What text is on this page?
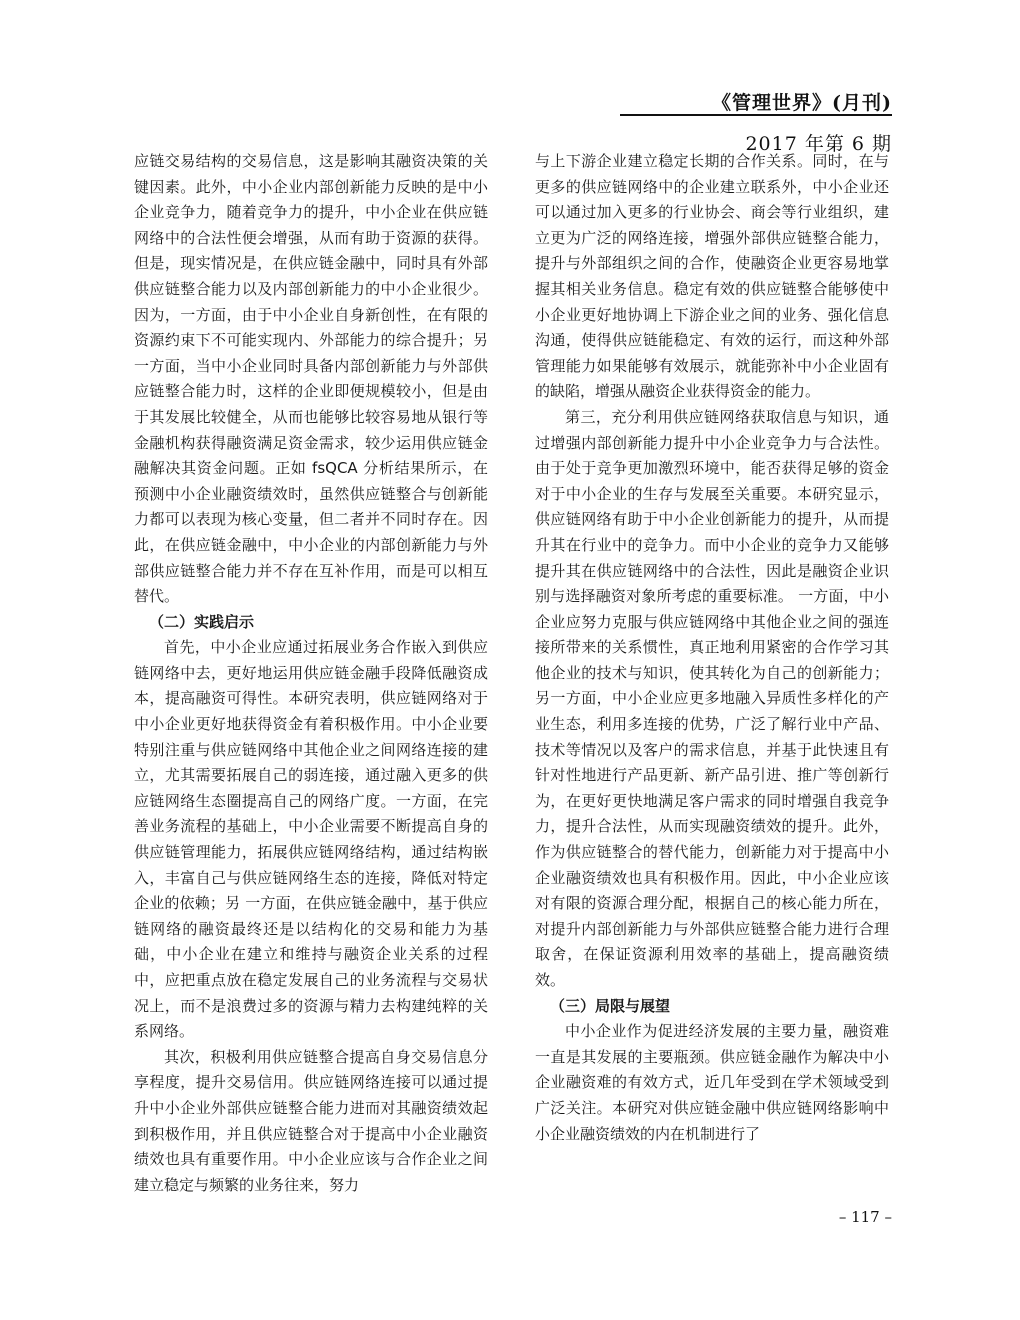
《管理世界》(月刊)
2017 年第 6 期

应链交易结构的交易信息，这是影响其融资决策的关键因素。此外，中小企业内部创新能力反映的是中小企业竞争力，随着竞争力的提升，中小企业在供应链网络中的合法性便会增强，从而有助于资源的获得。但是，现实情况是，在供应链金融中，同时具有外部供应链整合能力以及内部创新能力的中小企业很少。因为，一方面，由于中小企业自身新创性，在有限的资源约束下不可能实现内、外部能力的综合提升；另一方面，当中小企业同时具备内部创新能力与外部供应链整合能力时，这样的企业即便规模较小，但是由于其发展比较健全，从而也能够比较容易地从银行等金融机构获得融资满足资金需求，较少运用供应链金融解决其资金问题。正如 fsQCA 分析结果所示，在预测中小企业融资绩效时，虽然供应链整合与创新能力都可以表现为核心变量，但二者并不同时存在。因此，在供应链金融中，中小企业的内部创新能力与外部供应链整合能力并不存在互补作用，而是可以相互替代。

（二）实践启示

首先，中小企业应通过拓展业务合作嵌入到供应链网络中去，更好地运用供应链金融手段降低融资成本，提高融资可得性。本研究表明，供应链网络对于中小企业更好地获得资金有着积极作用。中小企业要特别注重与供应链网络中其他企业之间网络连接的建立，尤其需要拓展自己的弱连接，通过融入更多的供应链网络生态圈提高自己的网络广度。一方面，在完善业务流程的基础上，中小企业需要不断提高自身的供应链管理能力，拓展供应链网络结构，通过结构嵌入，丰富自己与供应链网络生态的连接，降低对特定企业的依赖；另 一方面，在供应链金融中，基于供应链网络的融资最终还是以结构化的交易和能力为基础，中小企业在建立和维持与融资企业关系的过程中，应把重点放在稳定发展自己的业务流程与交易状况上，而不是浪费过多的资源与精力去构建纯粹的关系网络。

其次，积极利用供应链整合提高自身交易信息分享程度，提升交易信用。供应链网络连接可以通过提升中小企业外部供应链整合能力进而对其融资绩效起到积极作用，并且供应链整合对于提高中小企业融资绩效也具有重要作用。中小企业应该与合作企业之间建立稳定与频繁的业务往来，努力

与上下游企业建立稳定长期的合作关系。同时，在与更多的供应链网络中的企业建立联系外，中小企业还可以通过加入更多的行业协会、商会等行业组织，建立更为广泛的网络连接，增强外部供应链整合能力，提升与外部组织之间的合作，使融资企业更容易地掌握其相关业务信息。稳定有效的供应链整合能够使中小企业更好地协调上下游企业之间的业务、强化信息沟通，使得供应链能稳定、有效的运行，而这种外部管理能力如果能够有效展示，就能弥补中小企业固有的缺陷，增强从融资企业获得资金的能力。

第三，充分利用供应链网络获取信息与知识，通过增强内部创新能力提升中小企业竞争力与合法性。由于处于竞争更加激烈环境中，能否获得足够的资金对于中小企业的生存与发展至关重要。本研究显示，供应链网络有助于中小企业创新能力的提升，从而提升其在行业中的竞争力。而中小企业的竞争力又能够提升其在供应链网络中的合法性，因此是融资企业识别与选择融资对象所考虑的重要标准。 一方面，中小企业应努力克服与供应链网络中其他企业之间的强连接所带来的关系惯性，真正地利用紧密的合作学习其他企业的技术与知识，使其转化为自己的创新能力；另一方面，中小企业应更多地融入异质性多样化的产业生态，利用多连接的优势，广泛了解行业中产品、技术等情况以及客户的需求信息，并基于此快速且有针对性地进行产品更新、新产品引进、推广等创新行为，在更好更快地满足客户需求的同时增强自我竞争力，提升合法性，从而实现融资绩效的提升。此外，作为供应链整合的替代能力，创新能力对于提高中小企业融资绩效也具有积极作用。因此，中小企业应该对有限的资源合理分配，根据自己的核心能力所在，对提升内部创新能力与外部供应链整合能力进行合理取舍，在保证资源利用效率的基础上，提高融资绩效。

（三）局限与展望

中小企业作为促进经济发展的主要力量，融资难 一直是其发展的主要瓶颈。供应链金融作为解决中小企业融资难的有效方式，近几年受到在学术领域受到广泛关注。本研究对供应链金融中供应链网络影响中小企业融资绩效的内在机制进行了

– 117 –
